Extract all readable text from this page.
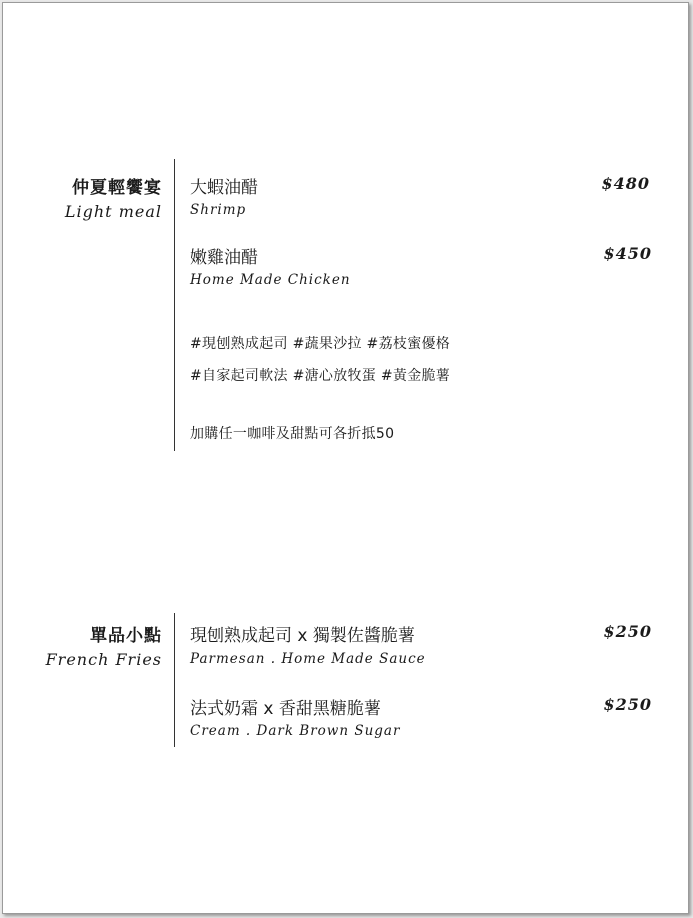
仲夏輕饗宴
Light meal
大蝦油醋
Shrimp
$480
嫩雞油醋
Home Made Chicken
$450
#現刨熟成起司 #蔬果沙拉 #荔枝蜜優格
#自家起司軟法 #溏心放牧蛋 #黃金脆薯
加購任一咖啡及甜點可各折抵50
單品小點
French Fries
現刨熟成起司 x 獨製佐醬脆薯
Parmesan . Home Made Sauce
$250
法式奶霜 x 香甜黑糖脆薯
Cream . Dark Brown Sugar
$250
